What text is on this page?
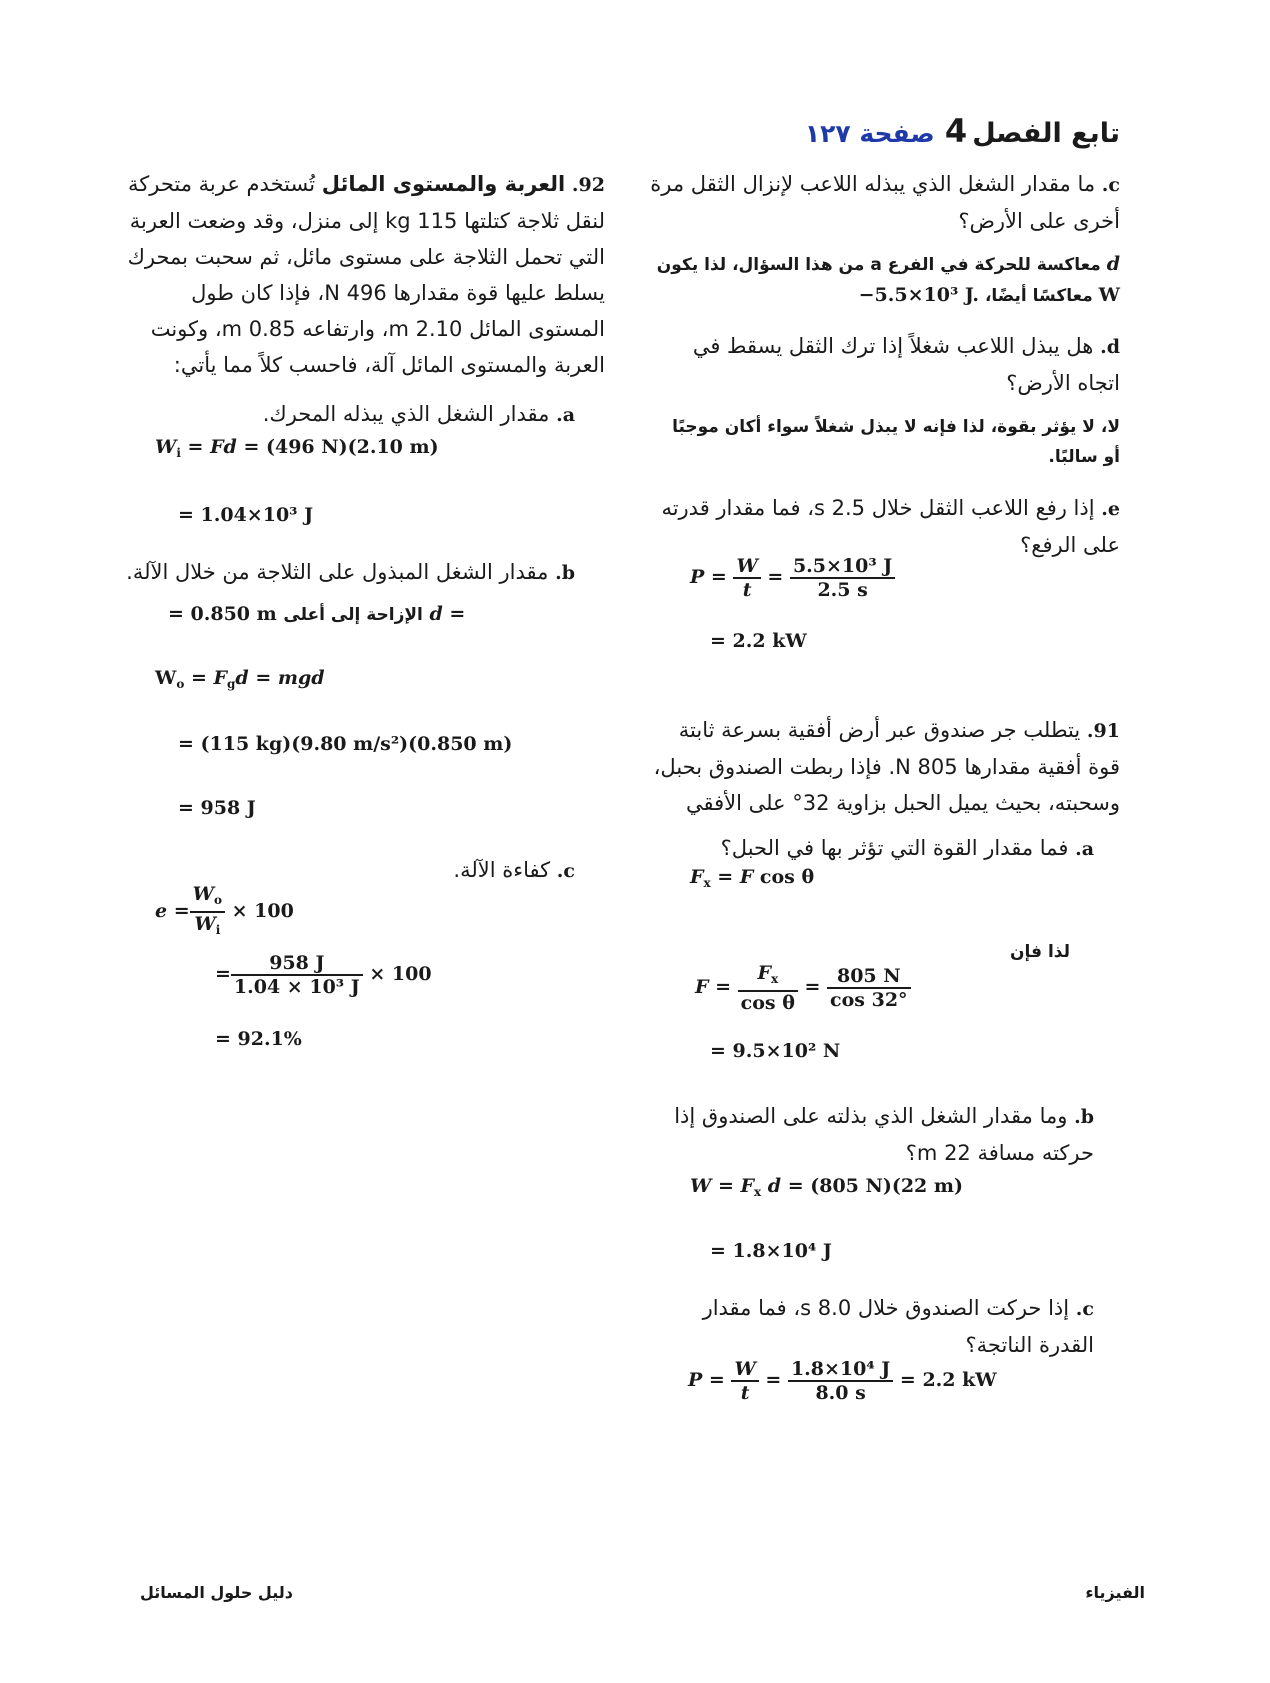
تابع الفصل 4  صفحة ١٢٧
c. ما مقدار الشغل الذي يبذله اللاعب لإنزال الثقل مرة أخرى على الأرض؟
d معاكسة للحركة في الفرع a من هذا السؤال، لذا يكون
W معاكسًا أيضًا، −5.5×10³ J.
d. هل يبذل اللاعب شغلاً إذا ترك الثقل يسقط في اتجاه الأرض؟
لا، لا يؤثر بقوة، لذا فإنه لا يبذل شغلاً سواء أكان موجبًا أو سالبًا.
e. إذا رفع اللاعب الثقل خلال 2.5 s، فما مقدار قدرته على الرفع؟
$P = \frac{W}{t} = \frac{\text{5.5×10³ J}}{2.5 s}$
= 2.2 kW
91. يتطلب جر صندوق عبر أرض أفقية بسرعة ثابتة قوة أفقية مقدارها 805 N. فإذا ربطت الصندوق بحبل، وسحبته، بحيث يميل الحبل بزاوية 32° على الأفقي
a. فما مقدار القوة التي تؤثر بها في الحبل؟
$F_x = F$ cos θ
لذا فإن
$F = \frac{F_x}{\text{cos θ}} = \frac{805 N}{\cos 32^\circ}$
= 9.5×10² N
b. وما مقدار الشغل الذي بذلته على الصندوق إذا حركته مسافة 22 m؟
$W = F_x$ d = (805 N)(22 m)
= 1.8×10⁴ J
c. إذا حركت الصندوق خلال 8.0 s، فما مقدار القدرة الناتجة؟
$P = \frac{W}{t} = \frac{\text{1.8×10⁴ J}}{8.0 s} = 2.2$ kW
92. العربة والمستوى المائل تُستخدم عربة متحركة لنقل ثلاجة كتلتها 115 kg إلى منزل، وقد وضعت العربة التي تحمل الثلاجة على مستوى مائل، ثم سحبت بمحرك يسلط عليها قوة مقدارها 496 N، فإذا كان طول المستوى المائل 2.10 m، وارتفاعه 0.85 m، وكونت العربة والمستوى المائل آلة، فاحسب كلاً مما يأتي:
a. مقدار الشغل الذي يبذله المحرك.
$W_i = Fd = (496$ N)(2.10 m)
= 1.04×10³ J
b. مقدار الشغل المبذول على الثلاجة من خلال الآلة.
= 0.850 m الإزاحة إلى أعلى d =
$W_o = F_gd$ = mgd
= (115 kg)(9.80 m/s²)(0.850 m)
= 958 J
c. كفاءة الآلة.
$e = \frac{W_o}{W_i} \times 100$
= $\frac{958 J}{\text{1.04 × 10³ J}} \times 100$
= 92.1%
الفيزياء
دليل حلول المسائل
